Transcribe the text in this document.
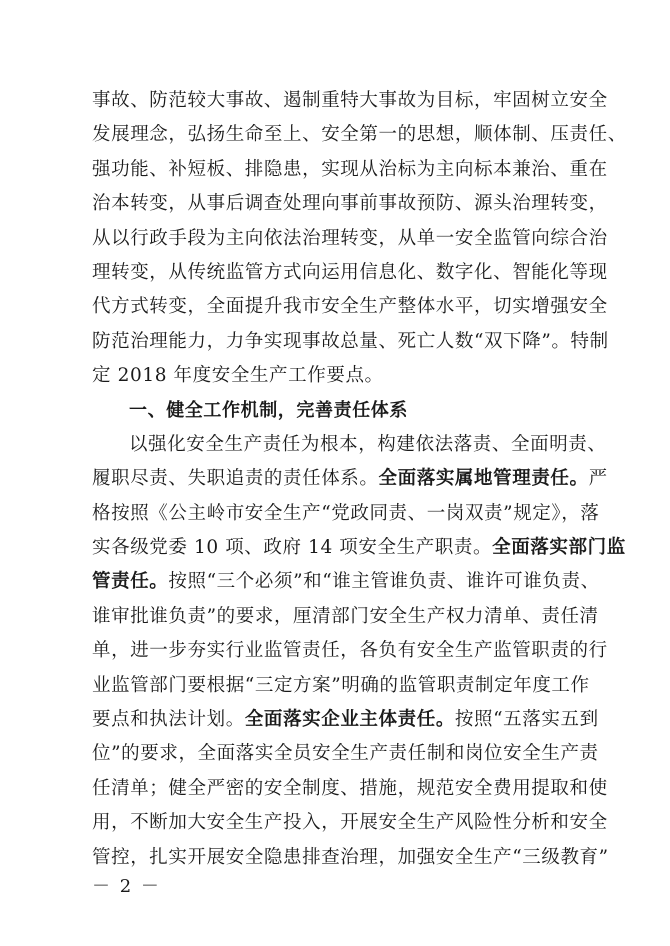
事故、防范较大事故、遏制重特大事故为目标，牢固树立安全
发展理念，弘扬生命至上、安全第一的思想，顺体制、压责任、
强功能、补短板、排隐患，实现从治标为主向标本兼治、重在
治本转变，从事后调查处理向事前事故预防、源头治理转变，
从以行政手段为主向依法治理转变，从单一安全监管向综合治
理转变，从传统监管方式向运用信息化、数字化、智能化等现
代方式转变，全面提升我市安全生产整体水平，切实增强安全
防范治理能力，力争实现事故总量、死亡人数“双下降”。特制
定 2018 年度安全生产工作要点。
一、健全工作机制，完善责任体系
以强化安全生产责任为根本，构建依法落责、全面明责、
履职尽责、失职追责的责任体系。全面落实属地管理责任。严
格按照《公主岭市安全生产“党政同责、一岗双责”规定》，落
实各级党委 10 项、政府 14 项安全生产职责。全面落实部门监
管责任。按照“三个必须”和“谁主管谁负责、谁许可谁负责、
谁审批谁负责”的要求，厘清部门安全生产权力清单、责任清
单，进一步夯实行业监管责任，各负有安全生产监管职责的行
业监管部门要根据“三定方案”明确的监管职责制定年度工作
要点和执法计划。全面落实企业主体责任。按照“五落实五到
位”的要求，全面落实全员安全生产责任制和岗位安全生产责
任清单；健全严密的安全制度、措施，规范安全费用提取和使
用，不断加大安全生产投入，开展安全生产风险性分析和安全
管控，扎实开展安全隐患排查治理，加强安全生产“三级教育”
－ 2 －
